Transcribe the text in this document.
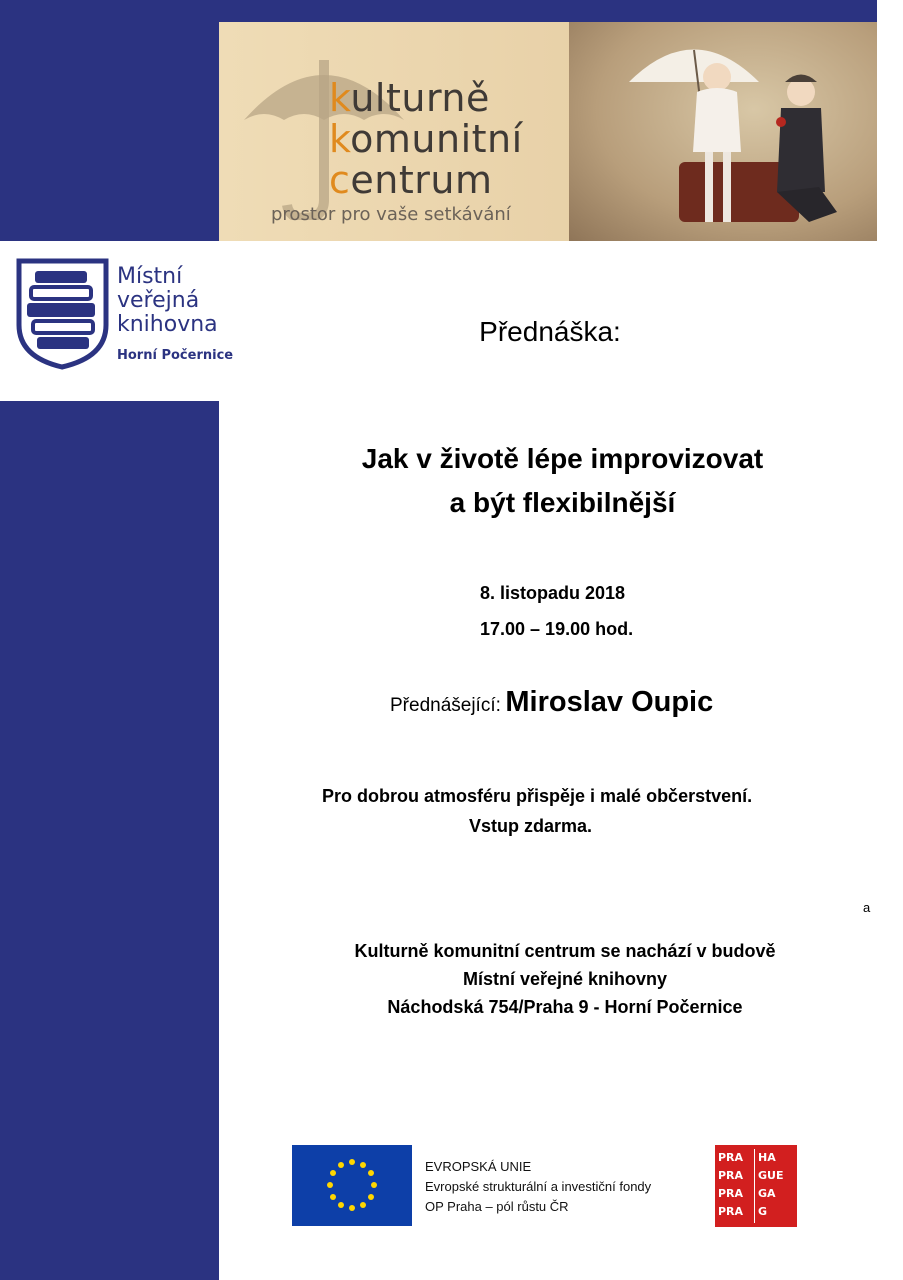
kulturně
komunitní
centrum
prostor pro vaše setkávání
Místní
veřejná
knihovna
Horní Počernice
Přednáška:
Jak v životě lépe improvizovat
a být flexibilnější
8. listopadu 2018
17.00 – 19.00 hod.
Přednášející: Miroslav Oupic
Pro dobrou atmosféru přispěje i malé občerstvení.
Vstup zdarma.
a
Kulturně komunitní centrum se nachází v budově
Místní veřejné knihovny
Náchodská 754/Praha 9 - Horní Počernice
EVROPSKÁ UNIE
Evropské strukturální a investiční fondy
OP Praha – pól růstu ČR
PRA HA
PRA GUE
PRA GA
PRA G
